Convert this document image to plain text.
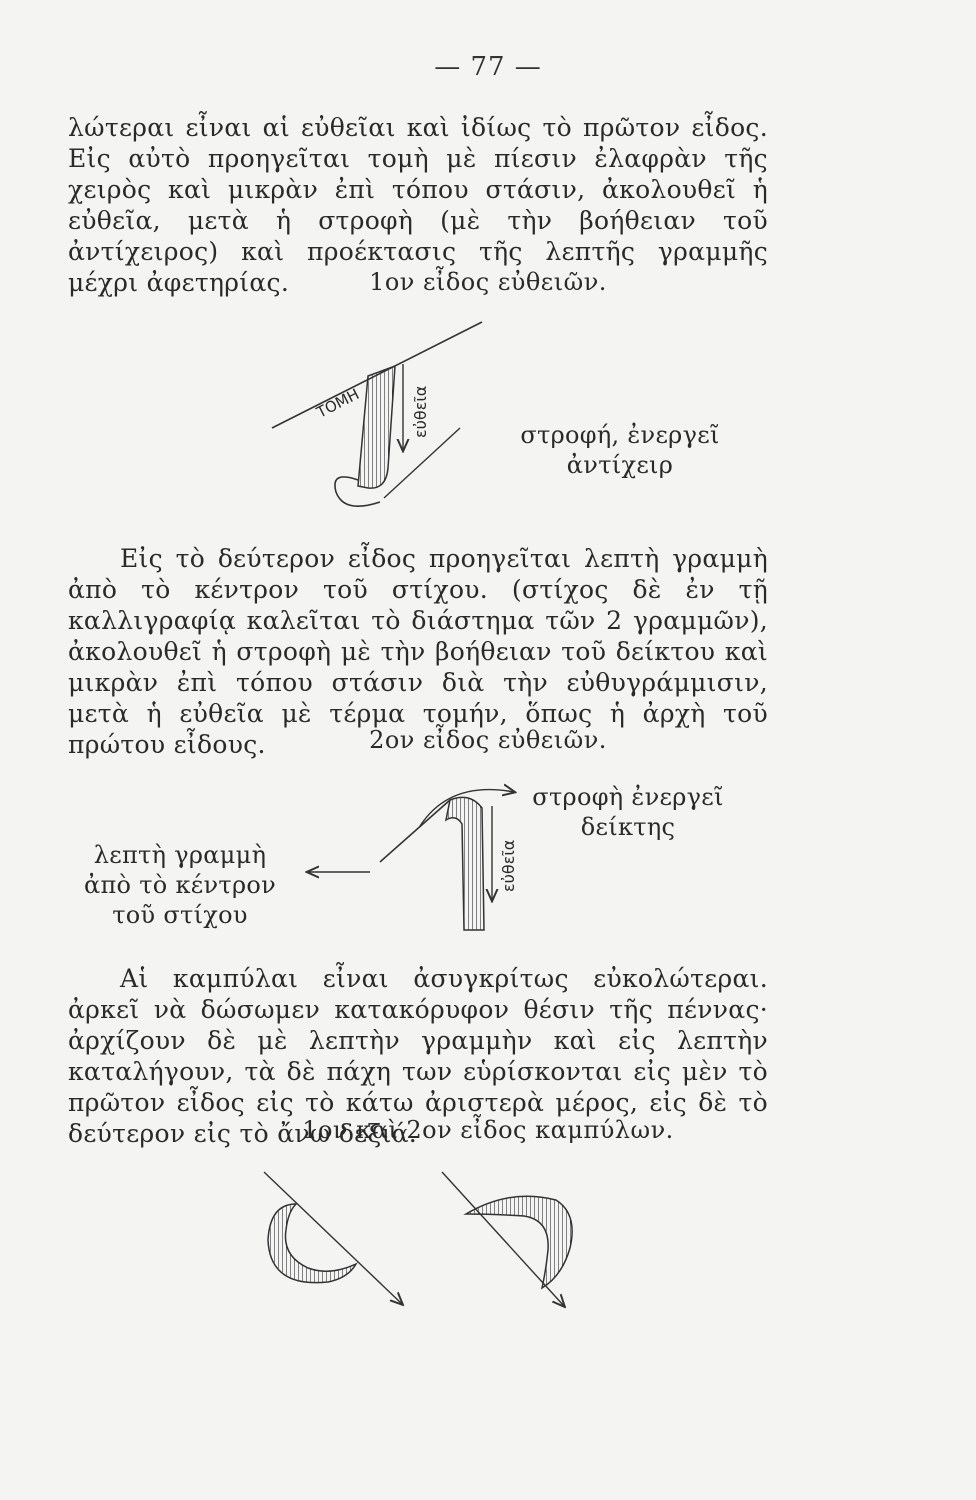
— 77 —
λώτεραι εἶναι αἱ εὐθεῖαι καὶ ἰδίως τὸ πρῶτον εἶδος. Εἰς αὐτὸ προηγεῖται τομὴ μὲ πίεσιν ἐλαφρὰν τῆς χειρὸς καὶ μικρὰν ἐπὶ τόπου στάσιν, ἀκολουθεῖ ἡ εὐθεῖα, μετὰ ἡ στροφὴ (μὲ τὴν βοήθειαν τοῦ ἀντίχειρος) καὶ προέκτασις τῆς λεπτῆς γραμμῆς μέχρι ἀφετηρίας.	1ον εἶδος εὐθειῶν.
ΤΟΜΗ	εὐθεῖα	στροφή, ἐνεργεῖ
ἀντίχειρ
Εἰς τὸ δεύτερον εἶδος προηγεῖται λεπτὴ γραμμὴ ἀπὸ τὸ κέντρον τοῦ στίχου. (στίχος δὲ ἐν τῇ καλλιγραφίᾳ καλεῖται τὸ διάστημα τῶν 2 γραμμῶν), ἀκολουθεῖ ἡ στροφὴ μὲ τὴν βοήθειαν τοῦ δείκτου καὶ μικρὰν ἐπὶ τόπου στάσιν διὰ τὴν εὐθυγράμμισιν, μετὰ ἡ εὐθεῖα μὲ τέρμα τομήν, ὅπως ἡ ἀρχὴ τοῦ πρώτου εἶδους.	2ον εἶδος εὐθειῶν.
εὐθεῖα
στροφὴ ἐνεργεῖ
δείκτης
λεπτὴ γραμμὴ
ἀπὸ τὸ κέντρον
τοῦ στίχου
Αἱ καμπύλαι εἶναι ἀσυγκρίτως εὐκολώτεραι. ἀρκεῖ νὰ δώσωμεν κατακόρυφον θέσιν τῆς πέννας· ἀρχίζουν δὲ μὲ λεπτὴν γραμμὴν καὶ εἰς λεπτὴν καταλήγουν, τὰ δὲ πάχη των εὑρίσκονται εἰς μὲν τὸ πρῶτον εἶδος εἰς τὸ κάτω ἀριστερὰ μέρος, εἰς δὲ τὸ δεύτερον εἰς τὸ ἄνω δεξιά.
1ον καὶ 2ον εἶδος καμπύλων.
